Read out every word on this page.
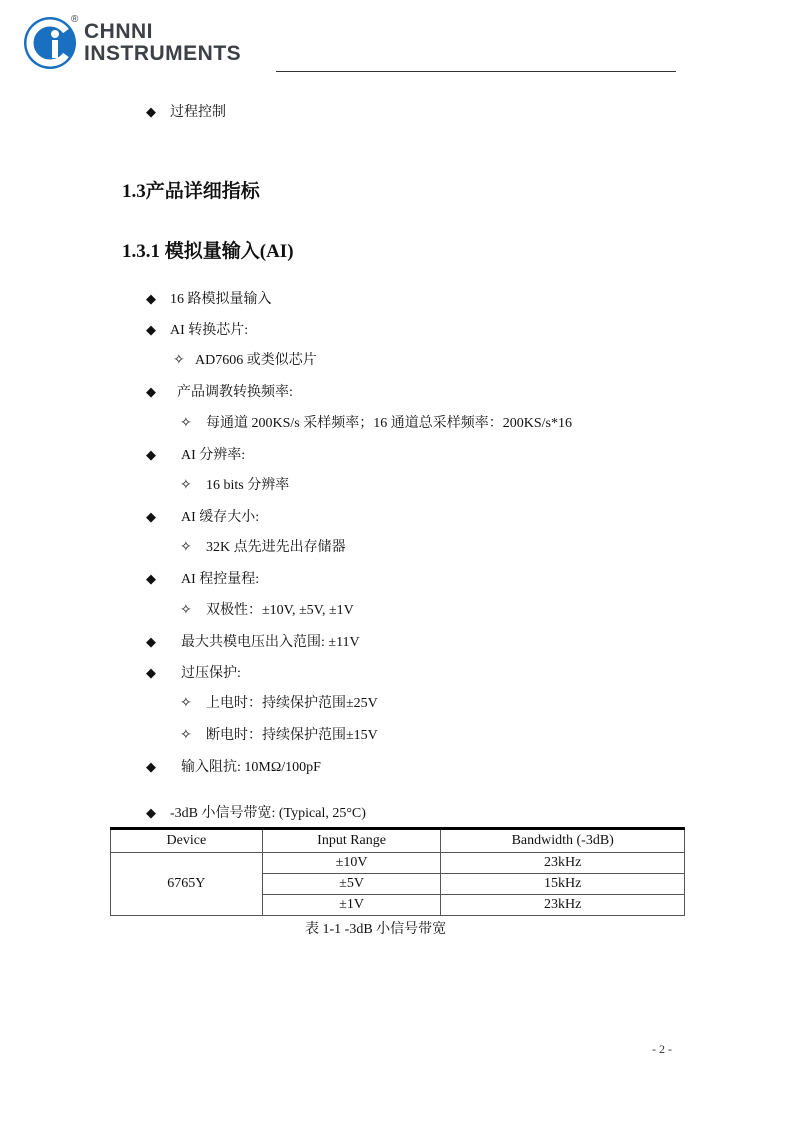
®
CHNNI
INSTRUMENTS
◆ 过程控制
1.3产品详细指标
1.3.1 模拟量输入(AI)
◆ 16 路模拟量输入
◆ AI 转换芯片:
✧ AD7606 或类似芯片
◆ 产品调教转换频率:
✧ 每通道 200KS/s 采样频率；16 通道总采样频率：200KS/s*16
◆ AI 分辨率:
✧ 16 bits 分辨率
◆ AI 缓存大小:
✧ 32K 点先进先出存储器
◆ AI 程控量程:
✧ 双极性：±10V, ±5V, ±1V
◆ 最大共模电压出入范围: ±11V
◆ 过压保护:
✧ 上电时：持续保护范围±25V
✧ 断电时：持续保护范围±15V
◆ 输入阻抗: 10MΩ/100pF
◆ -3dB 小信号带宽: (Typical, 25°C)
Device	Input Range	Bandwidth (-3dB)
6765Y	±10V	23kHz
	±5V	15kHz
	±1V	23kHz
表 1-1 -3dB 小信号带宽
- 2 -
